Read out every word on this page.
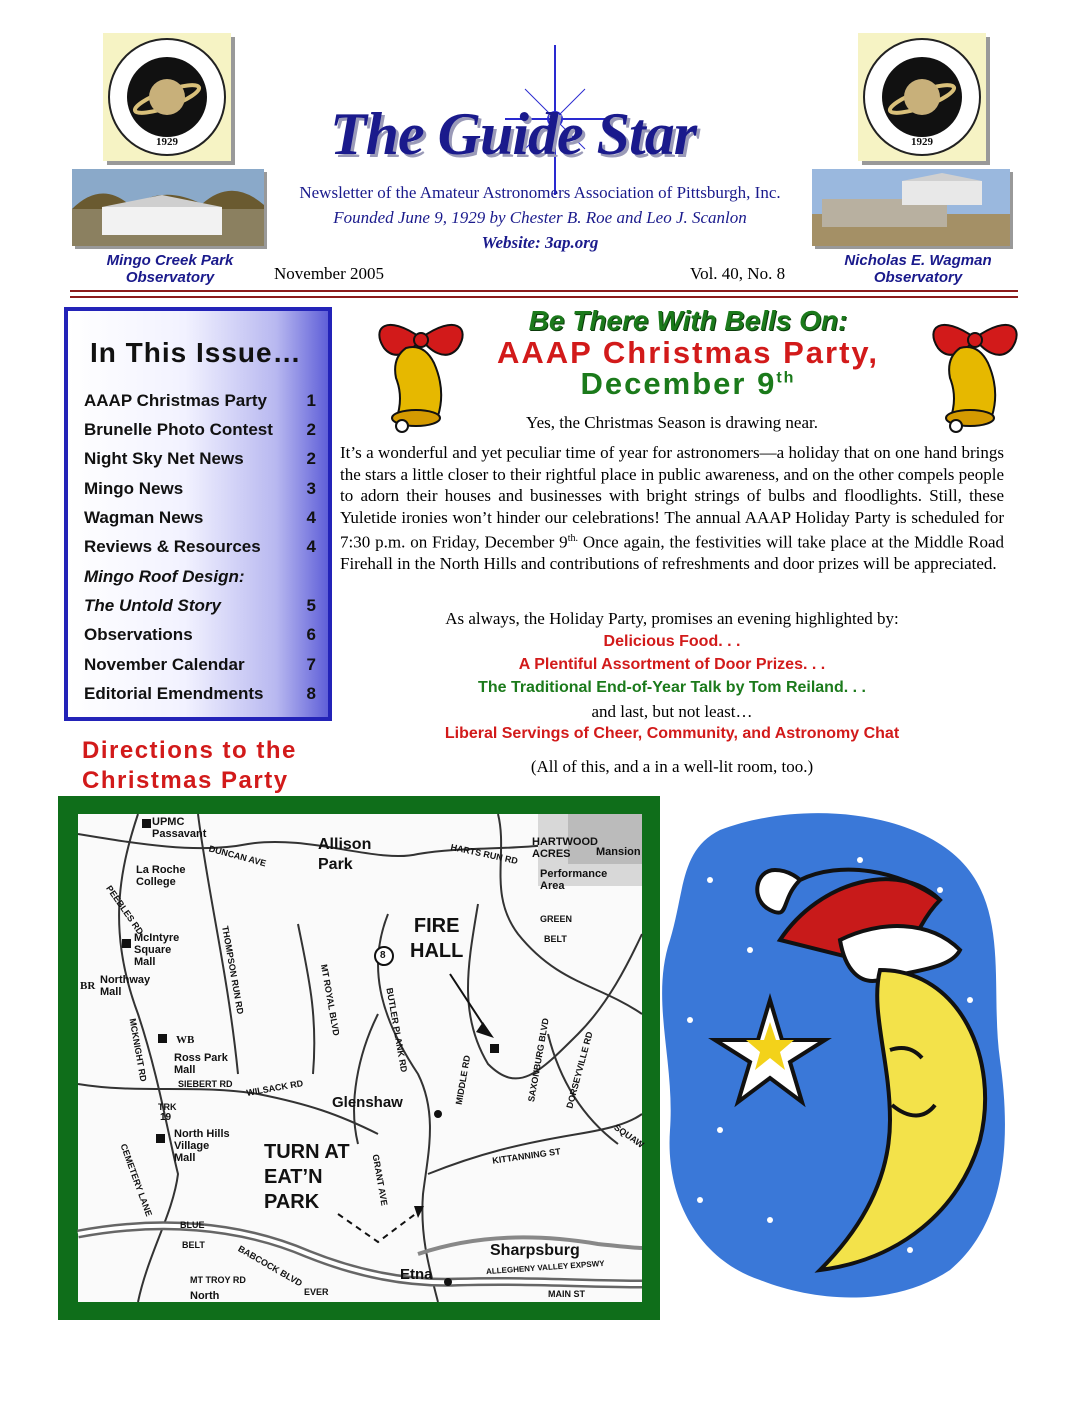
1929	1929
The Guide Star
Newsletter of the Amateur Astronomers Association of Pittsburgh, Inc.
Founded June 9, 1929 by Chester B. Roe and Leo J. Scanlon
Website: 3ap.org
Mingo Creek Park
Observatory
Nicholas E. Wagman
Observatory
November 2005	Vol. 40, No. 8
In This Issue…
AAAP Christmas Party 1
Brunelle Photo Contest 2
Night Sky Net News	2
Mingo News	3
Wagman News	4
Reviews & Resources	4
Mingo Roof Design:
The Untold Story	5
Observations	6
November Calendar	7
Editorial Emendments	8
Directions to the
Christmas Party
Be There With Bells On:
AAAP Christmas Party,
December 9th
Yes, the Christmas Season is drawing near.
It’s a wonderful and yet peculiar time of year for astronomers—a holiday that on one hand brings the stars a little closer to their rightful place in public awareness, and on the other compels people to adorn their houses and businesses with bright strings of bulbs and floodlights. Still, these Yuletide ironies won’t hinder our celebrations! The annual AAAP Holiday Party is scheduled for 7:30 p.m. on Friday, December $9^{th.}$ Once again, the festivities will take place at the Middle Road Firehall in the North Hills and contributions of refreshments and door prizes will be appreciated.
As always, the Holiday Party, promises an evening highlighted by:
Delicious Food. . .
A Plentiful Assortment of Door Prizes. . .
The Traditional End-of-Year Talk by Tom Reiland. . .
and last, but not least…
Liberal Servings of Cheer, Community, and Astronomy Chat
(All of this, and a in a well-lit room, too.)
UPMC
Passavant
La Roche
College
McIntyre
Square
Mall
Northway
Mall
BR
WB
Ross Park
Mall
North Hills
Village
Mall
Allison
Park
Glenshaw
Sharpsburg
Etna
HARTWOOD
ACRES Mansion
Performance
Area
GREEN
BELT
BLUE
BELT
TRK
19
8
North
DUNCAN AVE	HARTS RUN RD
PEEBLES RD
THOMPSON RUN RD	MT ROYAL BLVD	BUTLER PLANK RD
MIDDLE RD	SAXONBURG BLVD DORSEYVILLE RD
SIEBERT RD WILSACK RD
MCKNIGHT RD
KITTANNING ST
GRANT AVE
CEMETERY LANE
BABCOCK BLVD
MT TROY RD
ALLEGHENY VALLEY EXPSWY
MAIN ST
SQUAW
EVER
FIRE
HALL
TURN AT
EAT’N
PARK
